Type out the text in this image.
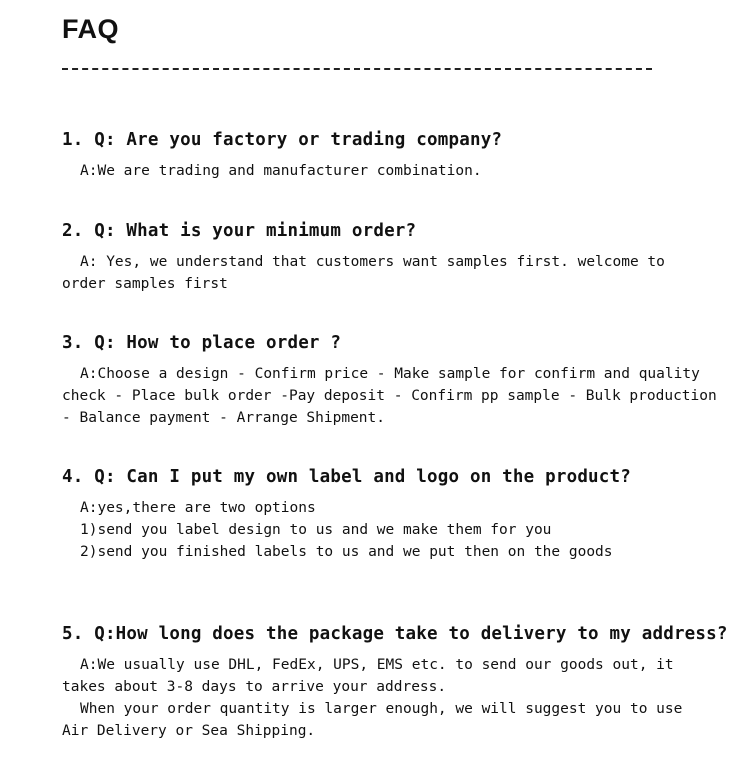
FAQ

1. Q: Are you factory or trading company?

A:We are trading and manufacturer combination.

2. Q: What is your minimum order?

A: Yes, we understand that customers want samples first. welcome to
order samples first

3. Q: How to place order ?

A:Choose a design - Confirm price - Make sample for confirm and quality
check - Place bulk order -Pay deposit - Confirm pp sample - Bulk production
- Balance payment - Arrange Shipment.

4. Q: Can I put my own label and logo on the product?

A:yes,there are two options
1)send you label design to us and we make them for you
2)send you finished labels to us and we put then on the goods

5. Q:How long does the package take to delivery to my address?

A:We usually use DHL, FedEx, UPS, EMS etc. to send our goods out, it
takes about 3-8 days to arrive your address.
When your order quantity is larger enough, we will suggest you to use
Air Delivery or Sea Shipping.
